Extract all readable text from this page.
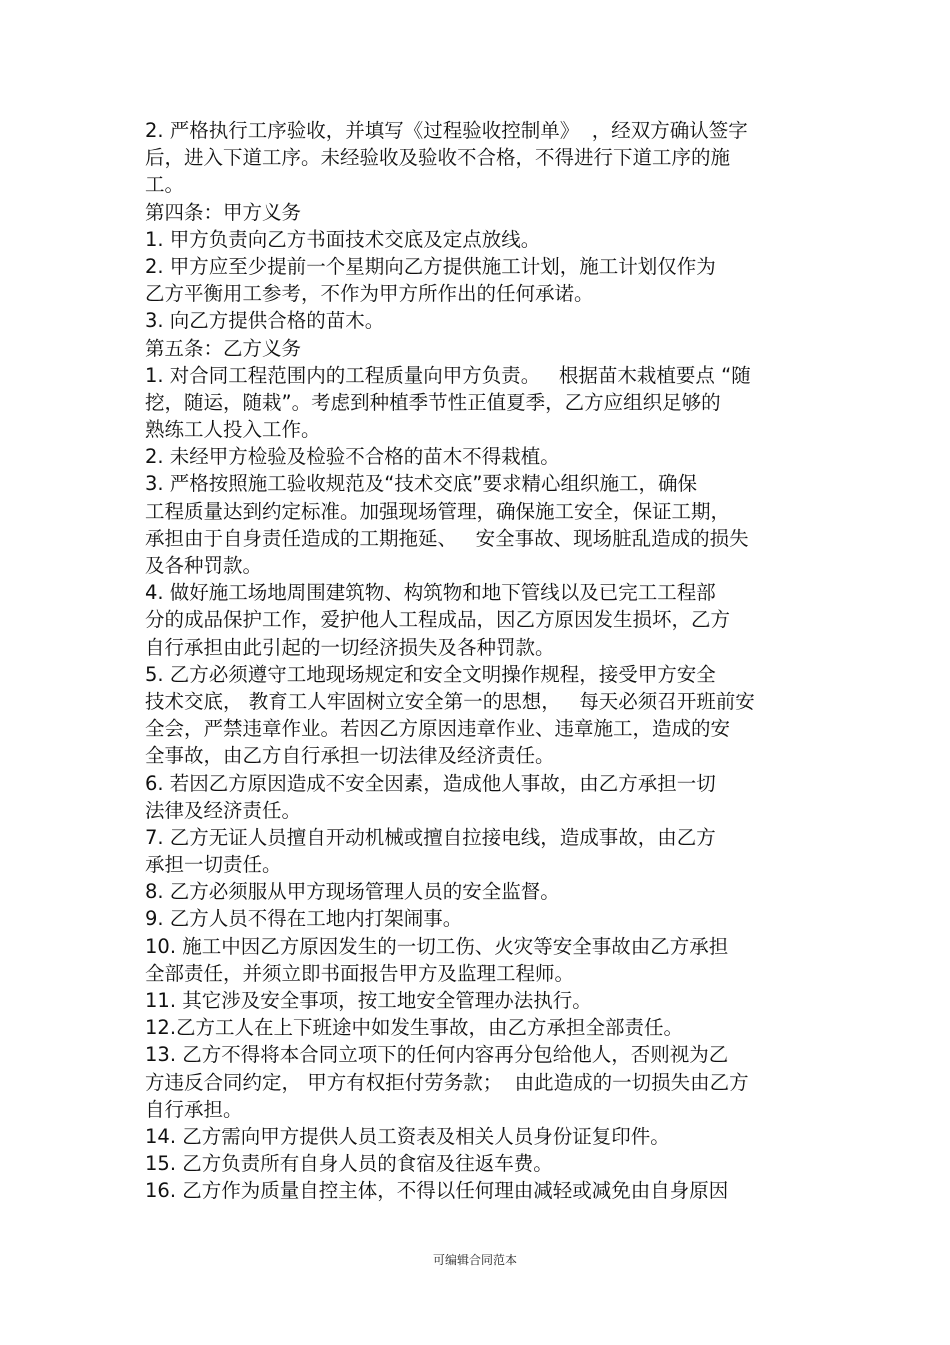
2. 严格执行工序验收，并填写《过程验收控制单》  ，经双方确认签字

后，进入下道工序。未经验收及验收不合格，不得进行下道工序的施

工。

第四条：甲方义务

1. 甲方负责向乙方书面技术交底及定点放线。

2. 甲方应至少提前一个星期向乙方提供施工计划，施工计划仅作为

乙方平衡用工参考，不作为甲方所作出的任何承诺。

3. 向乙方提供合格的苗木。

第五条：乙方义务

1. 对合同工程范围内的工程质量向甲方负责。   根据苗木栽植要点 “随

挖，随运，随栽”。考虑到种植季节性正值夏季，乙方应组织足够的

熟练工人投入工作。

2. 未经甲方检验及检验不合格的苗木不得栽植。

3. 严格按照施工验收规范及“技术交底”要求精心组织施工，确保

工程质量达到约定标准。加强现场管理，确保施工安全，保证工期，

承担由于自身责任造成的工期拖延、   安全事故、现场脏乱造成的损失

及各种罚款。

4. 做好施工场地周围建筑物、构筑物和地下管线以及已完工工程部

分的成品保护工作，爱护他人工程成品，因乙方原因发生损坏，乙方

自行承担由此引起的一切经济损失及各种罚款。

5. 乙方必须遵守工地现场规定和安全文明操作规程，接受甲方安全

技术交底， 教育工人牢固树立安全第一的思想，   每天必须召开班前安

全会，严禁违章作业。若因乙方原因违章作业、违章施工，造成的安

全事故，由乙方自行承担一切法律及经济责任。

6. 若因乙方原因造成不安全因素，造成他人事故，由乙方承担一切

法律及经济责任。

7. 乙方无证人员擅自开动机械或擅自拉接电线，造成事故，由乙方

承担一切责任。

8. 乙方必须服从甲方现场管理人员的安全监督。

9. 乙方人员不得在工地内打架闹事。

10. 施工中因乙方原因发生的一切工伤、火灾等安全事故由乙方承担

全部责任，并须立即书面报告甲方及监理工程师。

11. 其它涉及安全事项，按工地安全管理办法执行。

12.乙方工人在上下班途中如发生事故，由乙方承担全部责任。

13. 乙方不得将本合同立项下的任何内容再分包给他人，否则视为乙

方违反合同约定， 甲方有权拒付劳务款；  由此造成的一切损失由乙方

自行承担。

14. 乙方需向甲方提供人员工资表及相关人员身份证复印件。

15. 乙方负责所有自身人员的食宿及往返车费。

16. 乙方作为质量自控主体，不得以任何理由减轻或减免由自身原因

可编辑合同范本
